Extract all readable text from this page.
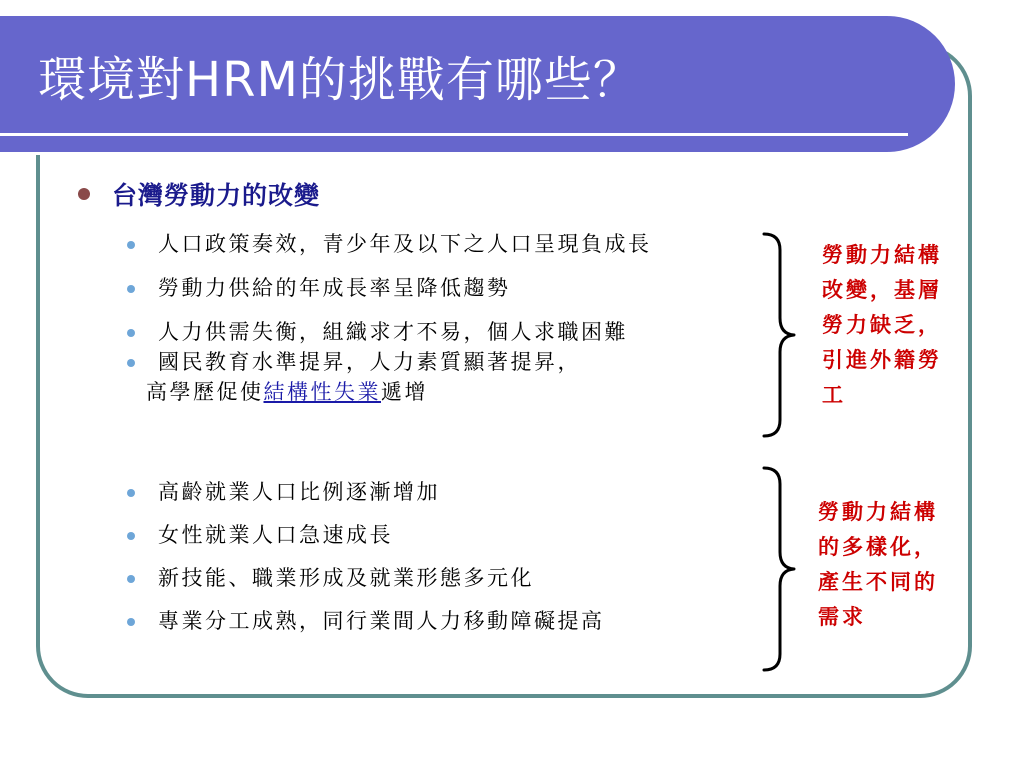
環境對HRM的挑戰有哪些？
台灣勞動力的改變
人口政策奏效，青少年及以下之人口呈現負成長
勞動力供給的年成長率呈降低趨勢
人力供需失衡，組織求才不易，個人求職困難
國民教育水準提昇，人力素質顯著提昇，
高學歷促使結構性失業遞增
勞動力結構改變，基層勞力缺乏，引進外籍勞工
高齡就業人口比例逐漸增加
女性就業人口急速成長
新技能、職業形成及就業形態多元化
專業分工成熟，同行業間人力移動障礙提高
勞動力結構的多樣化，產生不同的需求
